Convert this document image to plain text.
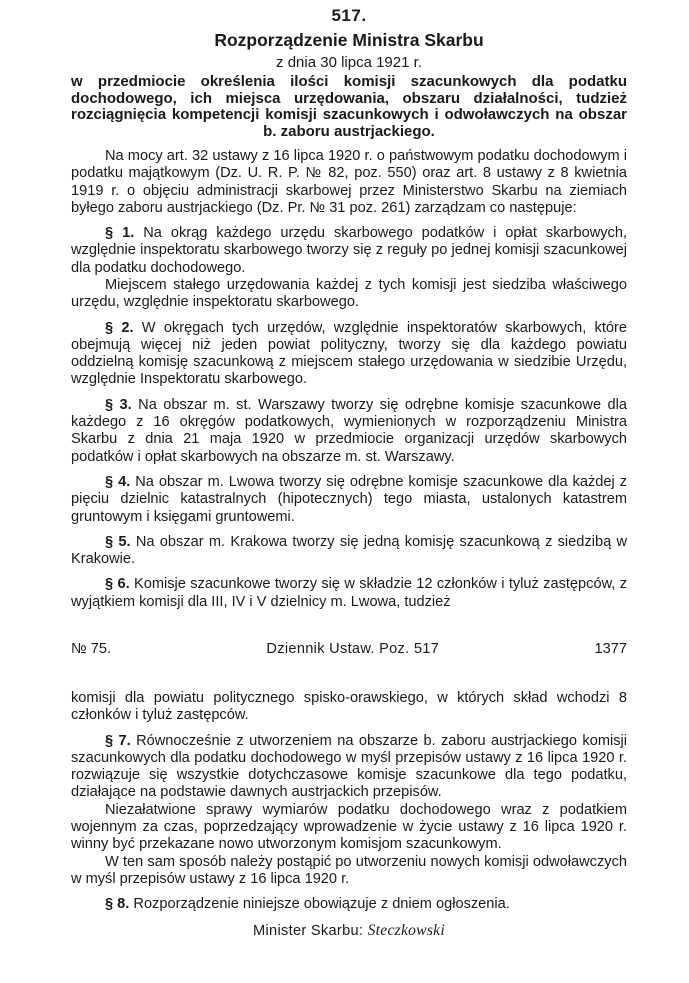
517.
Rozporządzenie Ministra Skarbu
z dnia 30 lipca 1921 r.
w przedmiocie określenia ilości komisji szacunkowych dla podatku dochodowego, ich miejsca urzędowania, obszaru działalności, tudzież rozciągnięcia kompetencji komisji szacunkowych i odwoławczych na obszar b. zaboru austrjackiego.

Na mocy art. 32 ustawy z 16 lipca 1920 r. o państwowym podatku dochodowym i podatku majątkowym (Dz. U. R. P. № 82, poz. 550) oraz art. 8 ustawy z 8 kwietnia 1919 r. o objęciu administracji skarbowej przez Ministerstwo Skarbu na ziemiach byłego zaboru austrjackiego (Dz. Pr. № 31 poz. 261) zarządzam co następuje:

§ 1. Na okrąg każdego urzędu skarbowego podatków i opłat skarbowych, względnie inspektoratu skarbowego tworzy się z reguły po jednej komisji szacunkowej dla podatku dochodowego.

Miejscem stałego urzędowania każdej z tych komisji jest siedziba właściwego urzędu, względnie inspektoratu skarbowego.

§ 2. W okręgach tych urzędów, względnie inspektoratów skarbowych, które obejmują więcej niż jeden powiat polityczny, tworzy się dla każdego powiatu oddzielną komisję szacunkową z miejscem stałego urzędowania w siedzibie Urzędu, względnie Inspektoratu skarbowego.

§ 3. Na obszar m. st. Warszawy tworzy się odrębne komisje szacunkowe dla każdego z 16 okręgów podatkowych, wymienionych w rozporządzeniu Ministra Skarbu z dnia 21 maja 1920 w przedmiocie organizacji urzędów skarbowych podatków i opłat skarbowych na obszarze m. st. Warszawy.

§ 4. Na obszar m. Lwowa tworzy się odrębne komisje szacunkowe dla każdej z pięciu dzielnic katastralnych (hipotecznych) tego miasta, ustalonych katastrem gruntowym i księgami gruntowemi.

§ 5. Na obszar m. Krakowa tworzy się jedną komisję szacunkową z siedzibą w Krakowie.

§ 6. Komisje szacunkowe tworzy się w składzie 12 członków i tyluż zastępców, z wyjątkiem komisji dla III, IV i V dzielnicy m. Lwowa, tudzież

№ 75.	Dziennik Ustaw. Poz. 517	1377

komisji dla powiatu politycznego spisko-orawskiego, w których skład wchodzi 8 członków i tyluż zastępców.

§ 7. Równocześnie z utworzeniem na obszarze b. zaboru austrjackiego komisji szacunkowych dla podatku dochodowego w myśl przepisów ustawy z 16 lipca 1920 r. rozwiązuje się wszystkie dotychczasowe komisje szacunkowe dla tego podatku, działające na podstawie dawnych austrjackich przepisów.

Niezałatwione sprawy wymiarów podatku dochodowego wraz z podatkiem wojennym za czas, poprzedzający wprowadzenie w życie ustawy z 16 lipca 1920 r. winny być przekazane nowo utworzonym komisjom szacunkowym.

W ten sam sposób należy postąpić po utworzeniu nowych komisji odwoławczych w myśl przepisów ustawy z 16 lipca 1920 r.

§ 8. Rozporządzenie niniejsze obowiązuje z dniem ogłoszenia.

Minister Skarbu: Steczkowski
